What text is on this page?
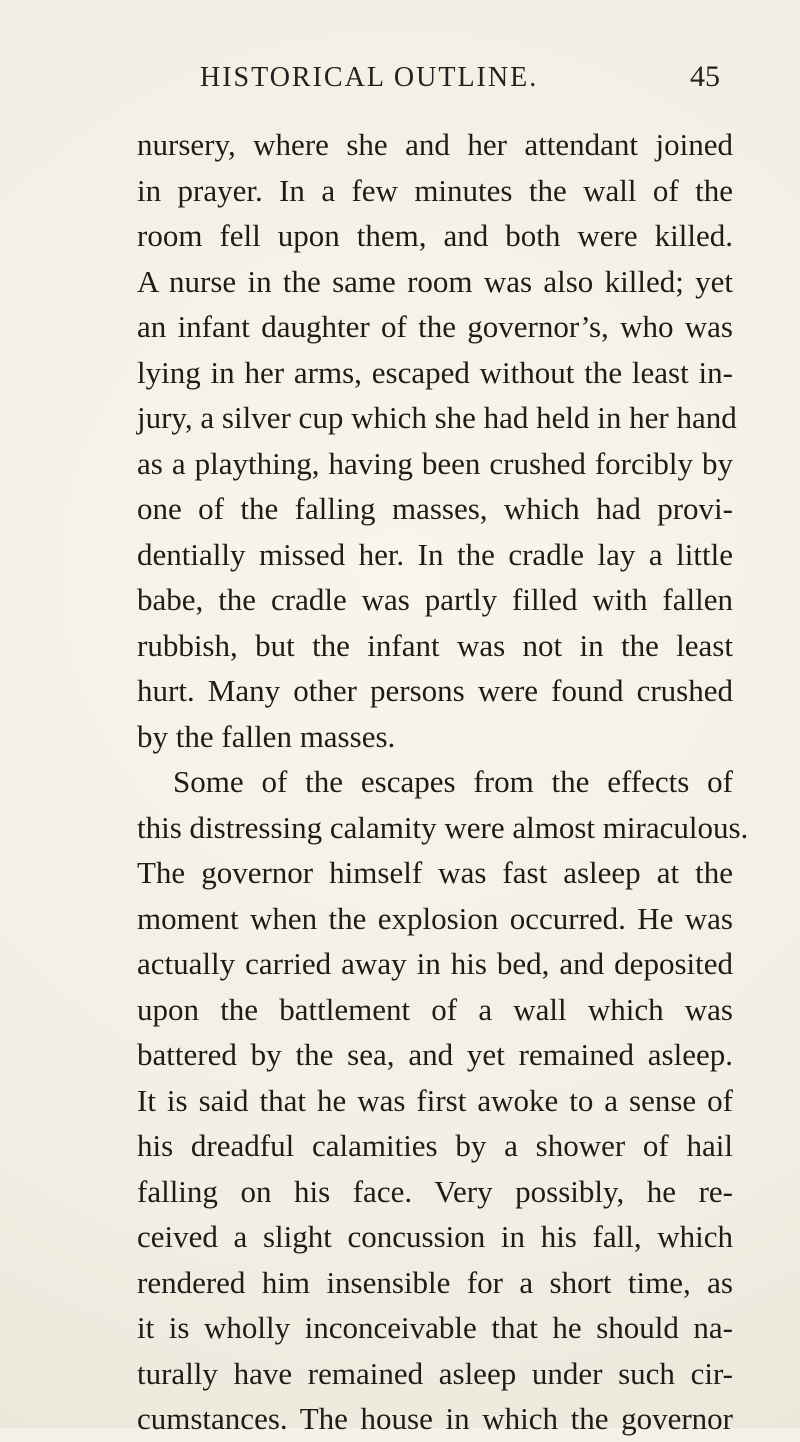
HISTORICAL OUTLINE.	45
nursery, where she and her attendant joined
in prayer. In a few minutes the wall of the
room fell upon them, and both were killed.
A nurse in the same room was also killed; yet
an infant daughter of the governor’s, who was
lying in her arms, escaped without the least in-
jury, a silver cup which she had held in her hand
as a plaything, having been crushed forcibly by
one of the falling masses, which had provi-
dentially missed her. In the cradle lay a little
babe, the cradle was partly filled with fallen
rubbish, but the infant was not in the least
hurt. Many other persons were found crushed
by the fallen masses.
Some of the escapes from the effects of
this distressing calamity were almost miraculous.
The governor himself was fast asleep at the
moment when the explosion occurred. He was
actually carried away in his bed, and deposited
upon the battlement of a wall which was
battered by the sea, and yet remained asleep.
It is said that he was first awoke to a sense of
his dreadful calamities by a shower of hail
falling on his face. Very possibly, he re-
ceived a slight concussion in his fall, which
rendered him insensible for a short time, as
it is wholly inconceivable that he should na-
turally have remained asleep under such cir-
cumstances. The house in which the governor
